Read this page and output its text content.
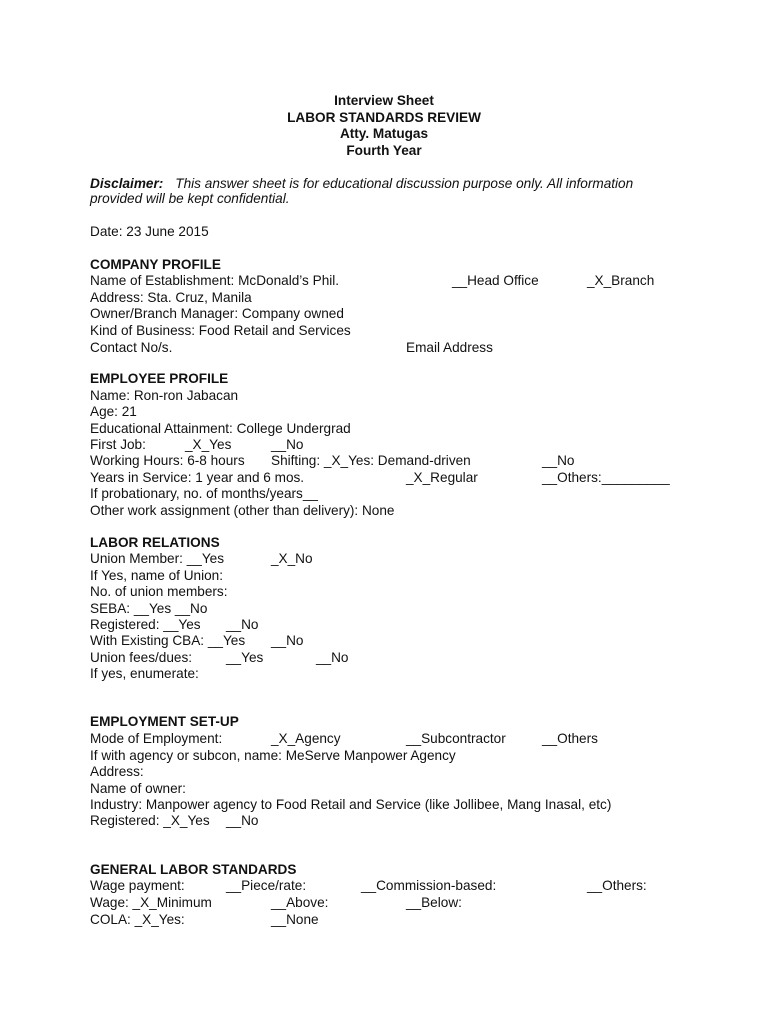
Interview Sheet
LABOR STANDARDS REVIEW
Atty. Matugas
Fourth Year
Disclaimer: This answer sheet is for educational discussion purpose only. All information
provided will be kept confidential.
Date: 23 June 2015
COMPANY PROFILE
Name of Establishment: McDonald’s Phil.	__Head Office	_X_Branch
Address: Sta. Cruz, Manila
Owner/Branch Manager: Company owned
Kind of Business: Food Retail and Services
Contact No/s.	Email Address
EMPLOYEE PROFILE
Name: Ron-ron Jabacan
Age: 21
Educational Attainment: College Undergrad
First Job:	_X_Yes	__No
Working Hours: 6-8 hours Shifting: _X_Yes: Demand-driven	__No
Years in Service: 1 year and 6 mos.	_X_Regular	__Others:_________
If probationary, no. of months/years__
Other work assignment (other than delivery): None
LABOR RELATIONS
Union Member: __Yes	_X_No
If Yes, name of Union:
No. of union members:
SEBA: __Yes __No
Registered: __Yes __No
With Existing CBA: __Yes __No
Union fees/dues: __Yes	__No
If yes, enumerate:
EMPLOYMENT SET-UP
Mode of Employment:	_X_Agency	__Subcontractor	__Others
If with agency or subcon, name: MeServe Manpower Agency
Address:
Name of owner:
Industry: Manpower agency to Food Retail and Service (like Jollibee, Mang Inasal, etc)
Registered: _X_Yes __No
GENERAL LABOR STANDARDS
Wage payment:	__Piece/rate:	__Commission-based:	__Others:
Wage: _X_Minimum	__Above:	__Below:
COLA: _X_Yes:	__None
